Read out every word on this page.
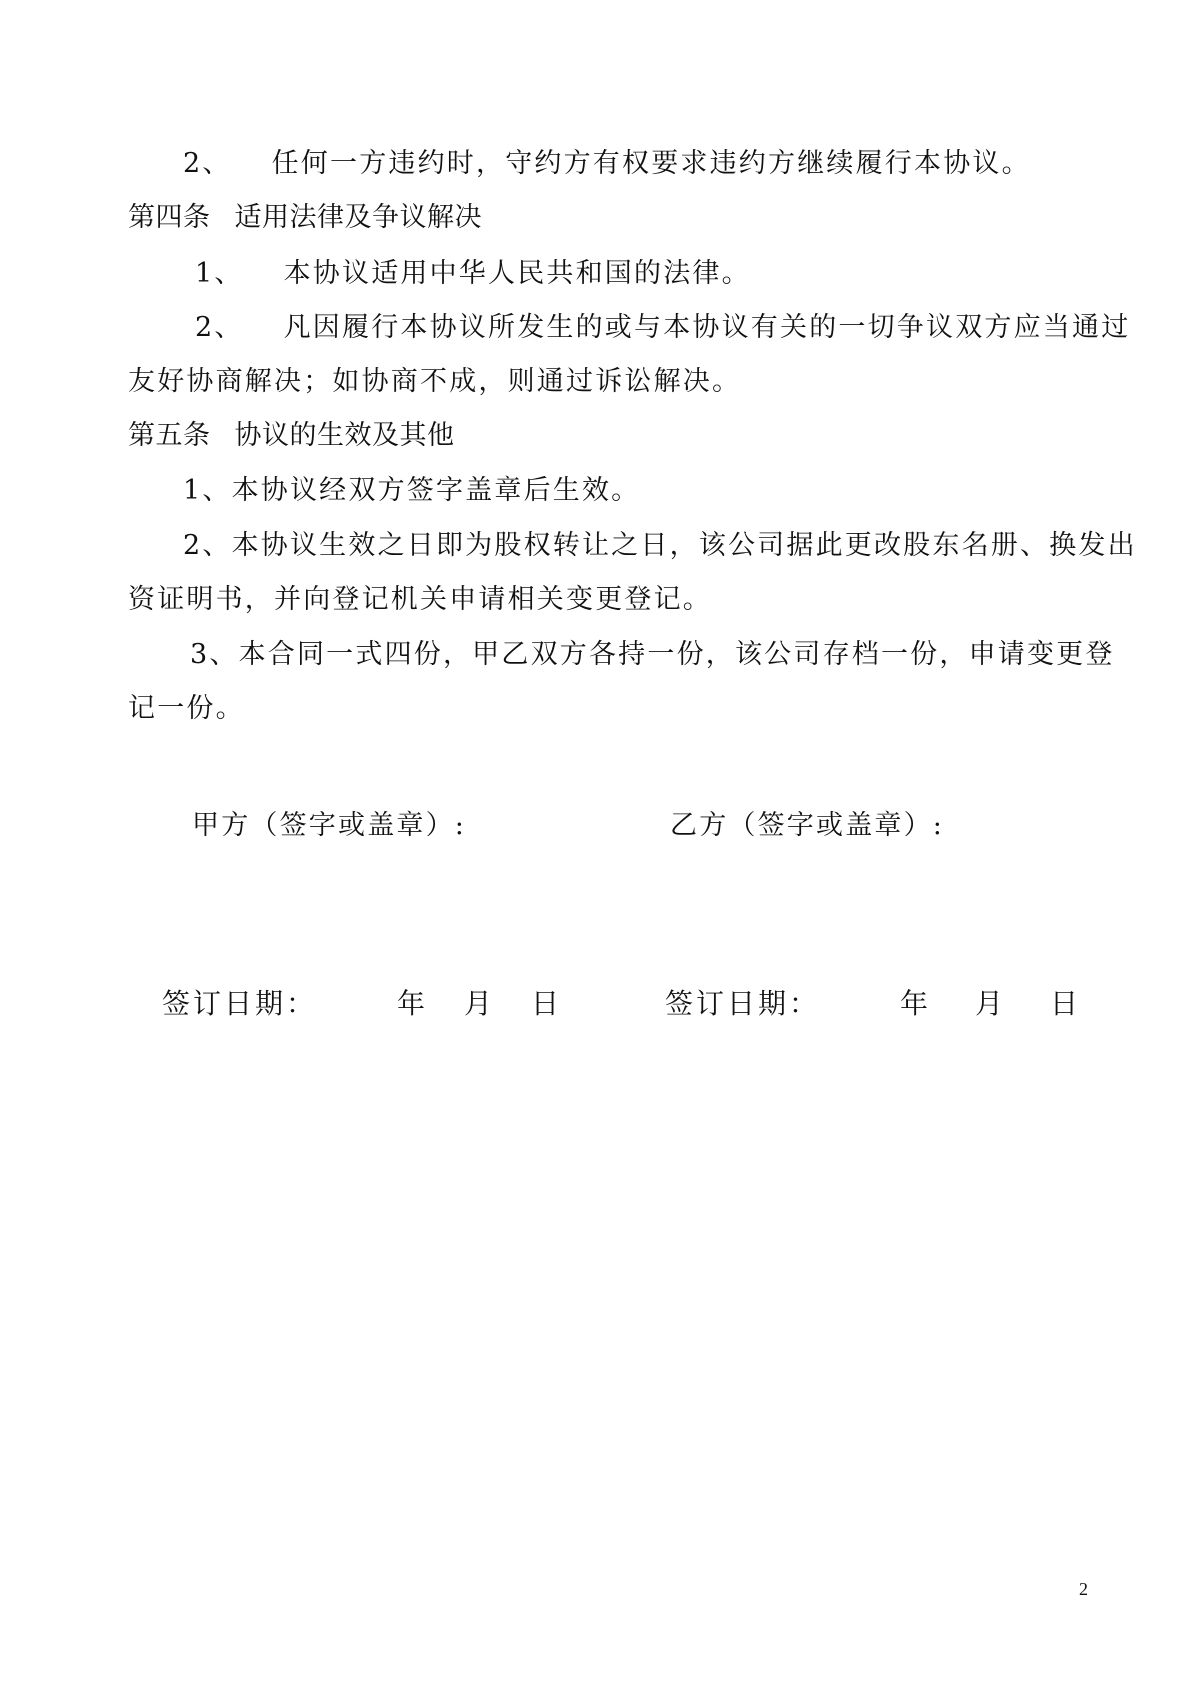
2、 任何一方违约时，守约方有权要求违约方继续履行本协议。
第四条 适用法律及争议解决
1、 本协议适用中华人民共和国的法律。
2、 凡因履行本协议所发生的或与本协议有关的一切争议双方应当通过
友好协商解决；如协商不成，则通过诉讼解决。
第五条 协议的生效及其他
1、本协议经双方签字盖章后生效。
2、本协议生效之日即为股权转让之日，该公司据此更改股东名册、换发出
资证明书，并向登记机关申请相关变更登记。
3、本合同一式四份，甲乙双方各持一份，该公司存档一份，申请变更登
记一份。
甲方（签字或盖章）:	乙方（签字或盖章）:
签订日期：	年 月 日	签订日期：	年 月 日
2
